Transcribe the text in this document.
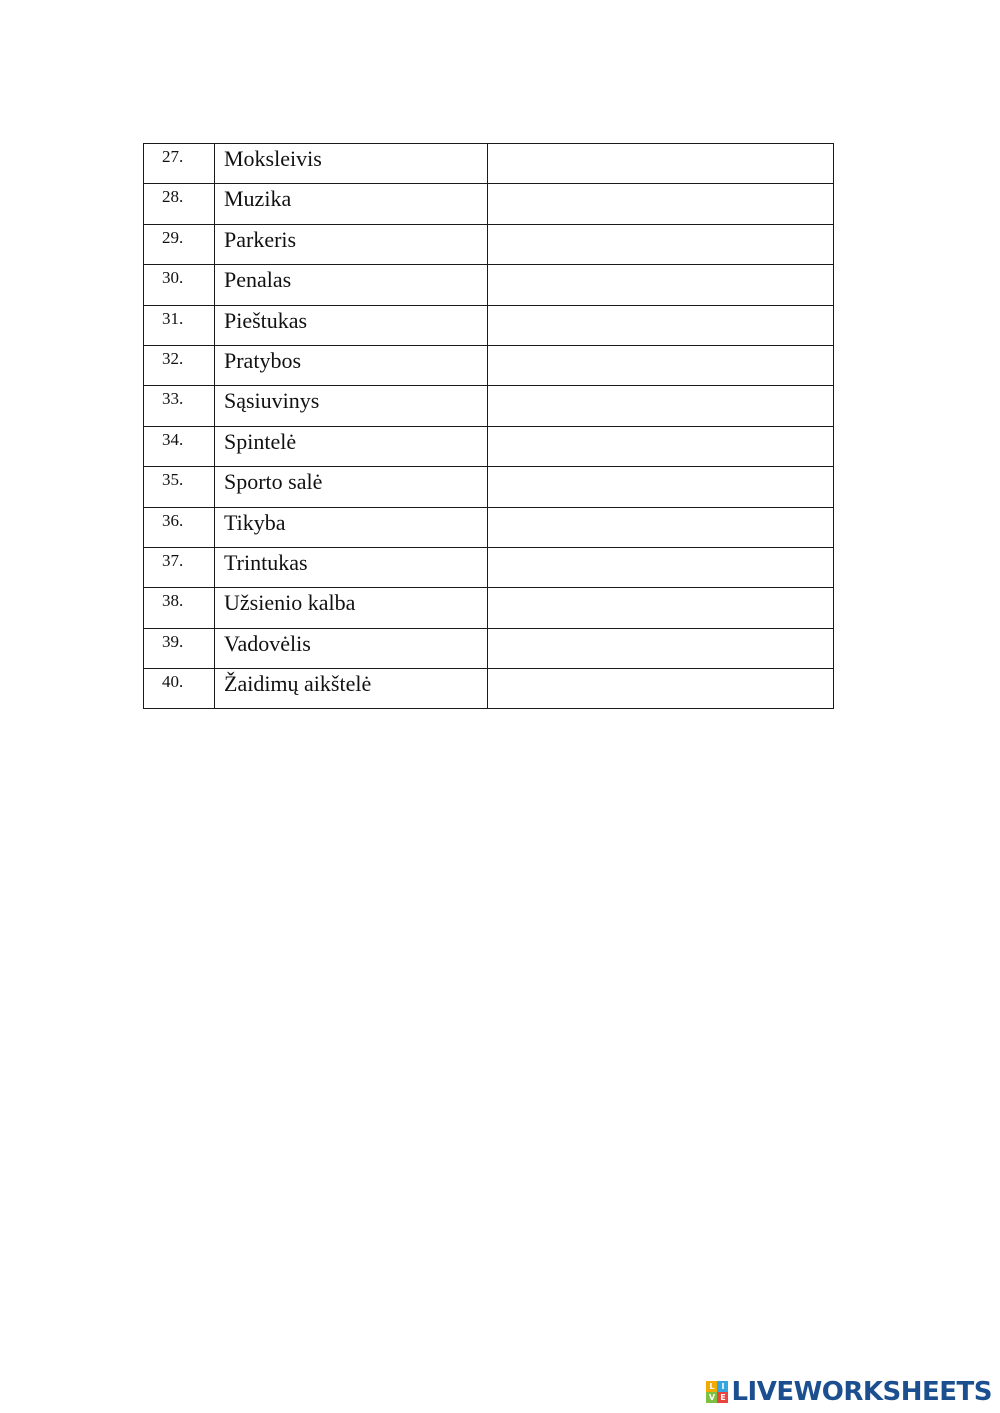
27.	Moksleivis	

28.	Muzika	

29.	Parkeris	

30.	Penalas	

31.	Pieštukas	

32.	Pratybos	

33.	Sąsiuvinys	

34.	Spintelė	

35.	Sporto salė	

36.	Tikyba	

37.	Trintukas	

38.	Užsienio kalba	

39.	Vadovėlis	

40.	Žaidimų aikštelė	

L I
V E LIVEWORKSHEETS
